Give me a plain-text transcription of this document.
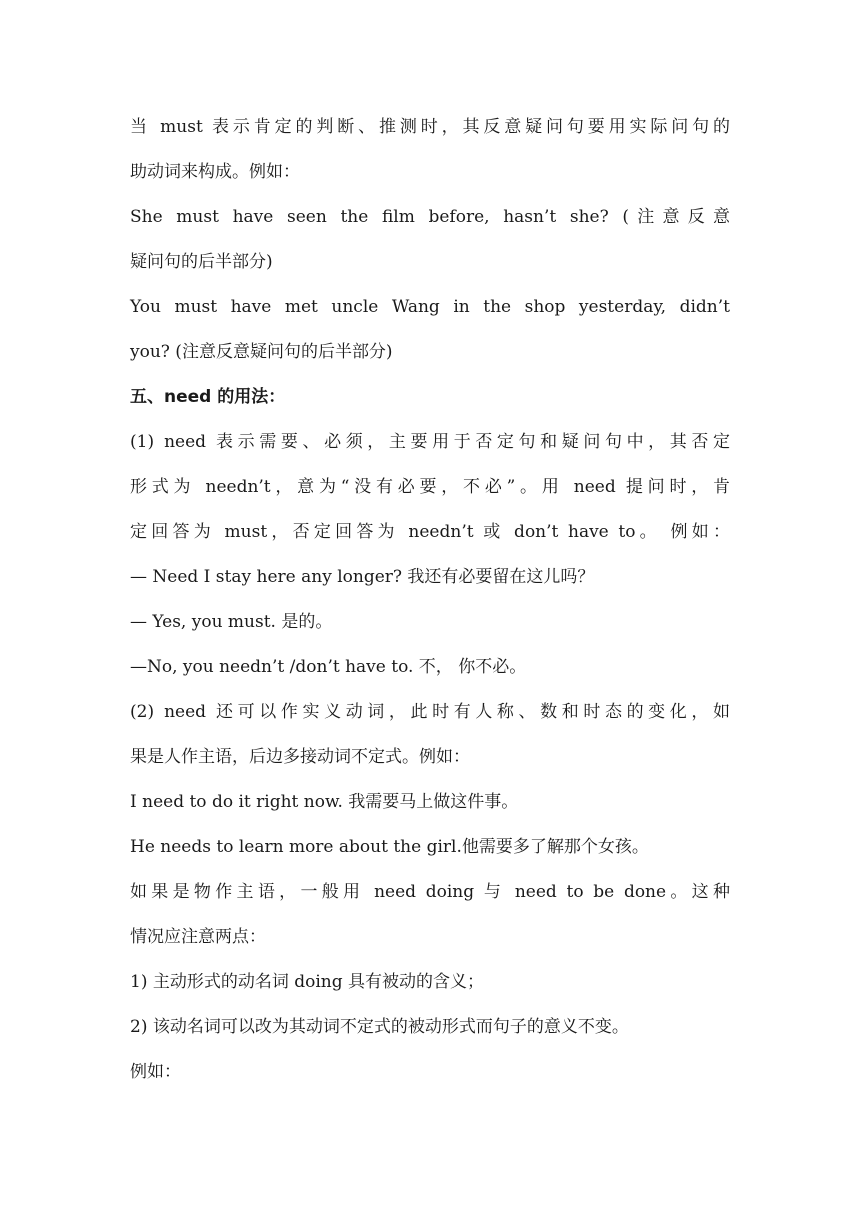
当 must 表示肯定的判断、推测时，其反意疑问句要用实际问句的
助动词来构成。例如：
She must have seen the film before, hasn’t she? (注意反意
疑问句的后半部分)
You must have met uncle Wang in the shop yesterday, didn’t
you? (注意反意疑问句的后半部分)
五、need 的用法：
(1) need 表示需要、必须，主要用于否定句和疑问句中，其否定
形式为 needn’t，意为“没有必要，不必”。用 need 提问时，肯
定回答为 must，否定回答为 needn’t 或 don’t have to。 例如：
— Need I stay here any longer? 我还有必要留在这儿吗？
— Yes, you must. 是的。
—No, you needn’t /don’t have to. 不， 你不必。
(2) need 还可以作实义动词，此时有人称、数和时态的变化，如
果是人作主语，后边多接动词不定式。例如：
I need to do it right now. 我需要马上做这件事。
He needs to learn more about the girl.他需要多了解那个女孩。
如果是物作主语，一般用 need doing 与 need to be done。这种
情况应注意两点：
1) 主动形式的动名词 doing 具有被动的含义；
2) 该动名词可以改为其动词不定式的被动形式而句子的意义不变。
例如：
